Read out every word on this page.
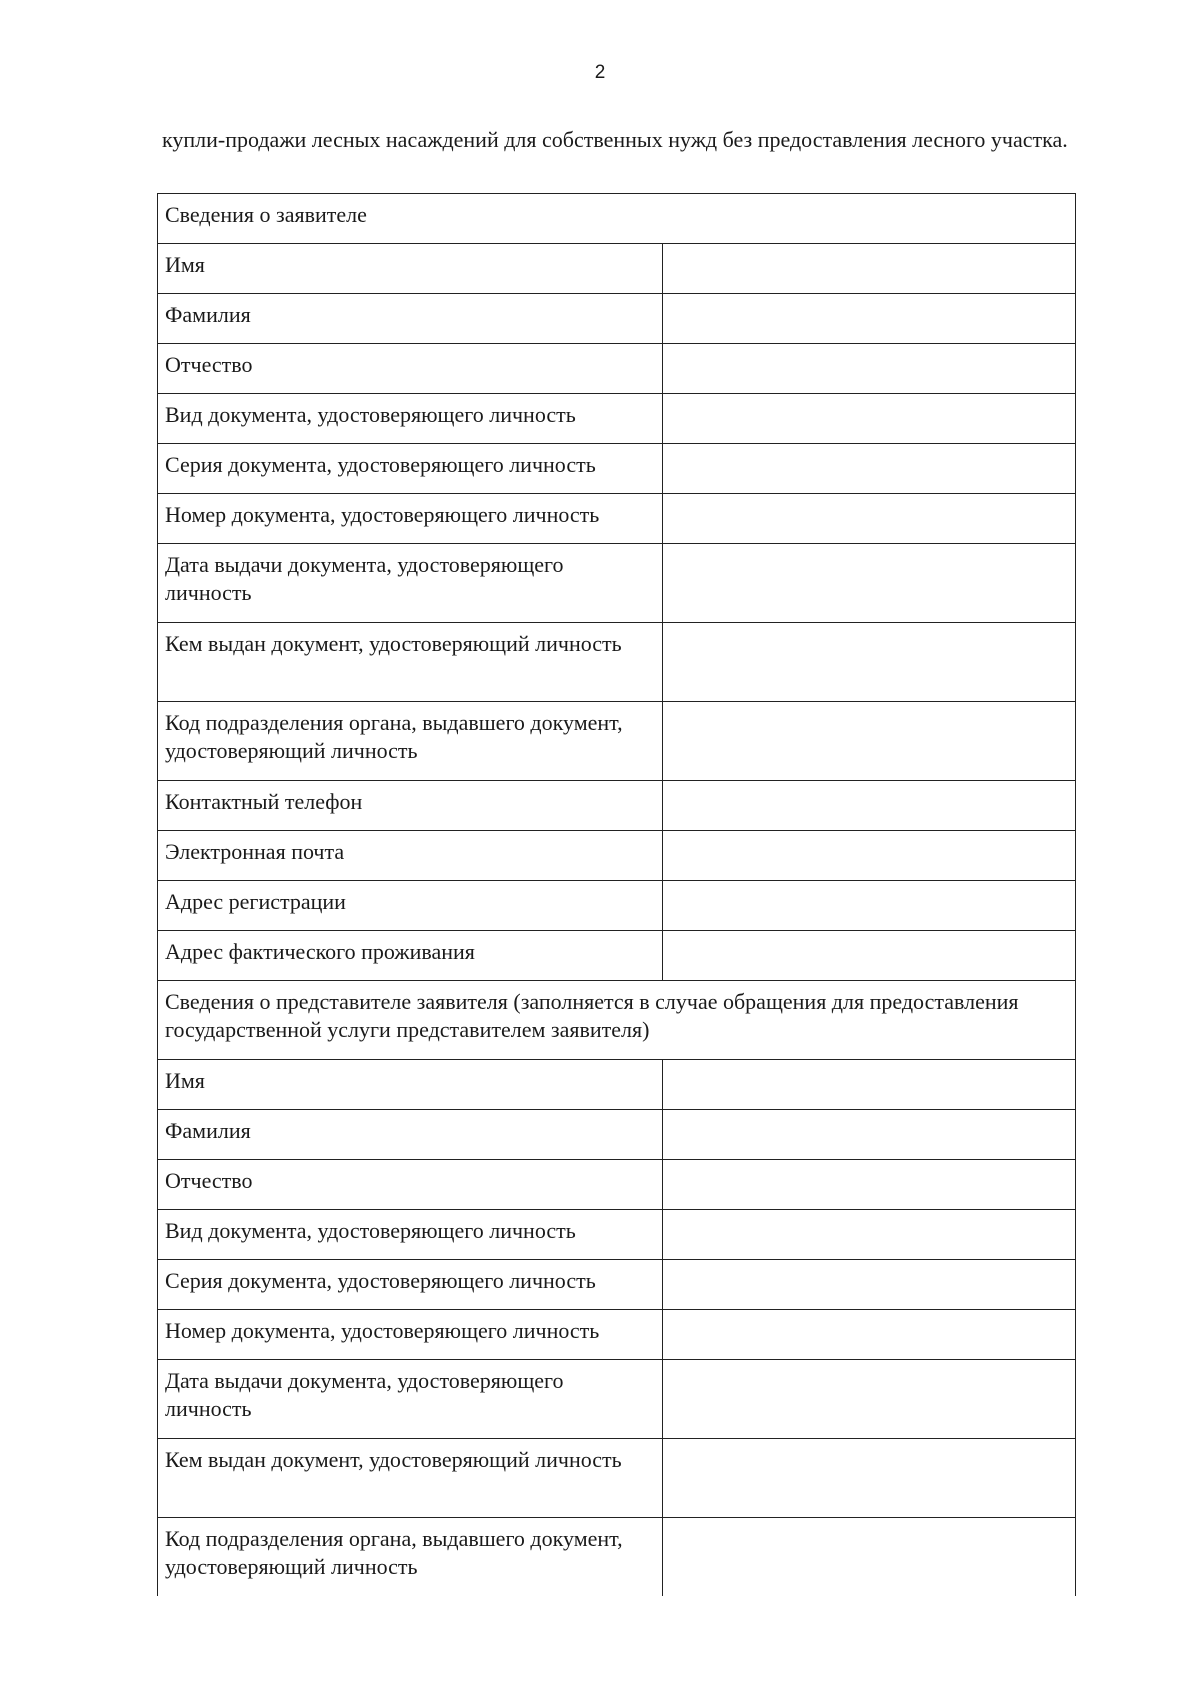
2
купли-продажи лесных насаждений для собственных нужд без предоставления лесного участка.
Сведения о заявителе	
Имя	
Фамилия	
Отчество	
Вид документа, удостоверяющего личность	
Серия документа, удостоверяющего личность	
Номер документа, удостоверяющего личность	
Дата выдачи документа, удостоверяющего личность	
Кем выдан документ, удостоверяющий личность	
Код подразделения органа, выдавшего документ, удостоверяющий личность	
Контактный телефон	
Электронная почта	
Адрес регистрации	
Адрес фактического проживания	
Сведения о представителе заявителя (заполняется в случае обращения для предоставления государственной услуги представителем заявителя)	
Имя	
Фамилия	
Отчество	
Вид документа, удостоверяющего личность	
Серия документа, удостоверяющего личность	
Номер документа, удостоверяющего личность	
Дата выдачи документа, удостоверяющего личность	
Кем выдан документ, удостоверяющий личность	
Код подразделения органа, выдавшего документ, удостоверяющий личность	
